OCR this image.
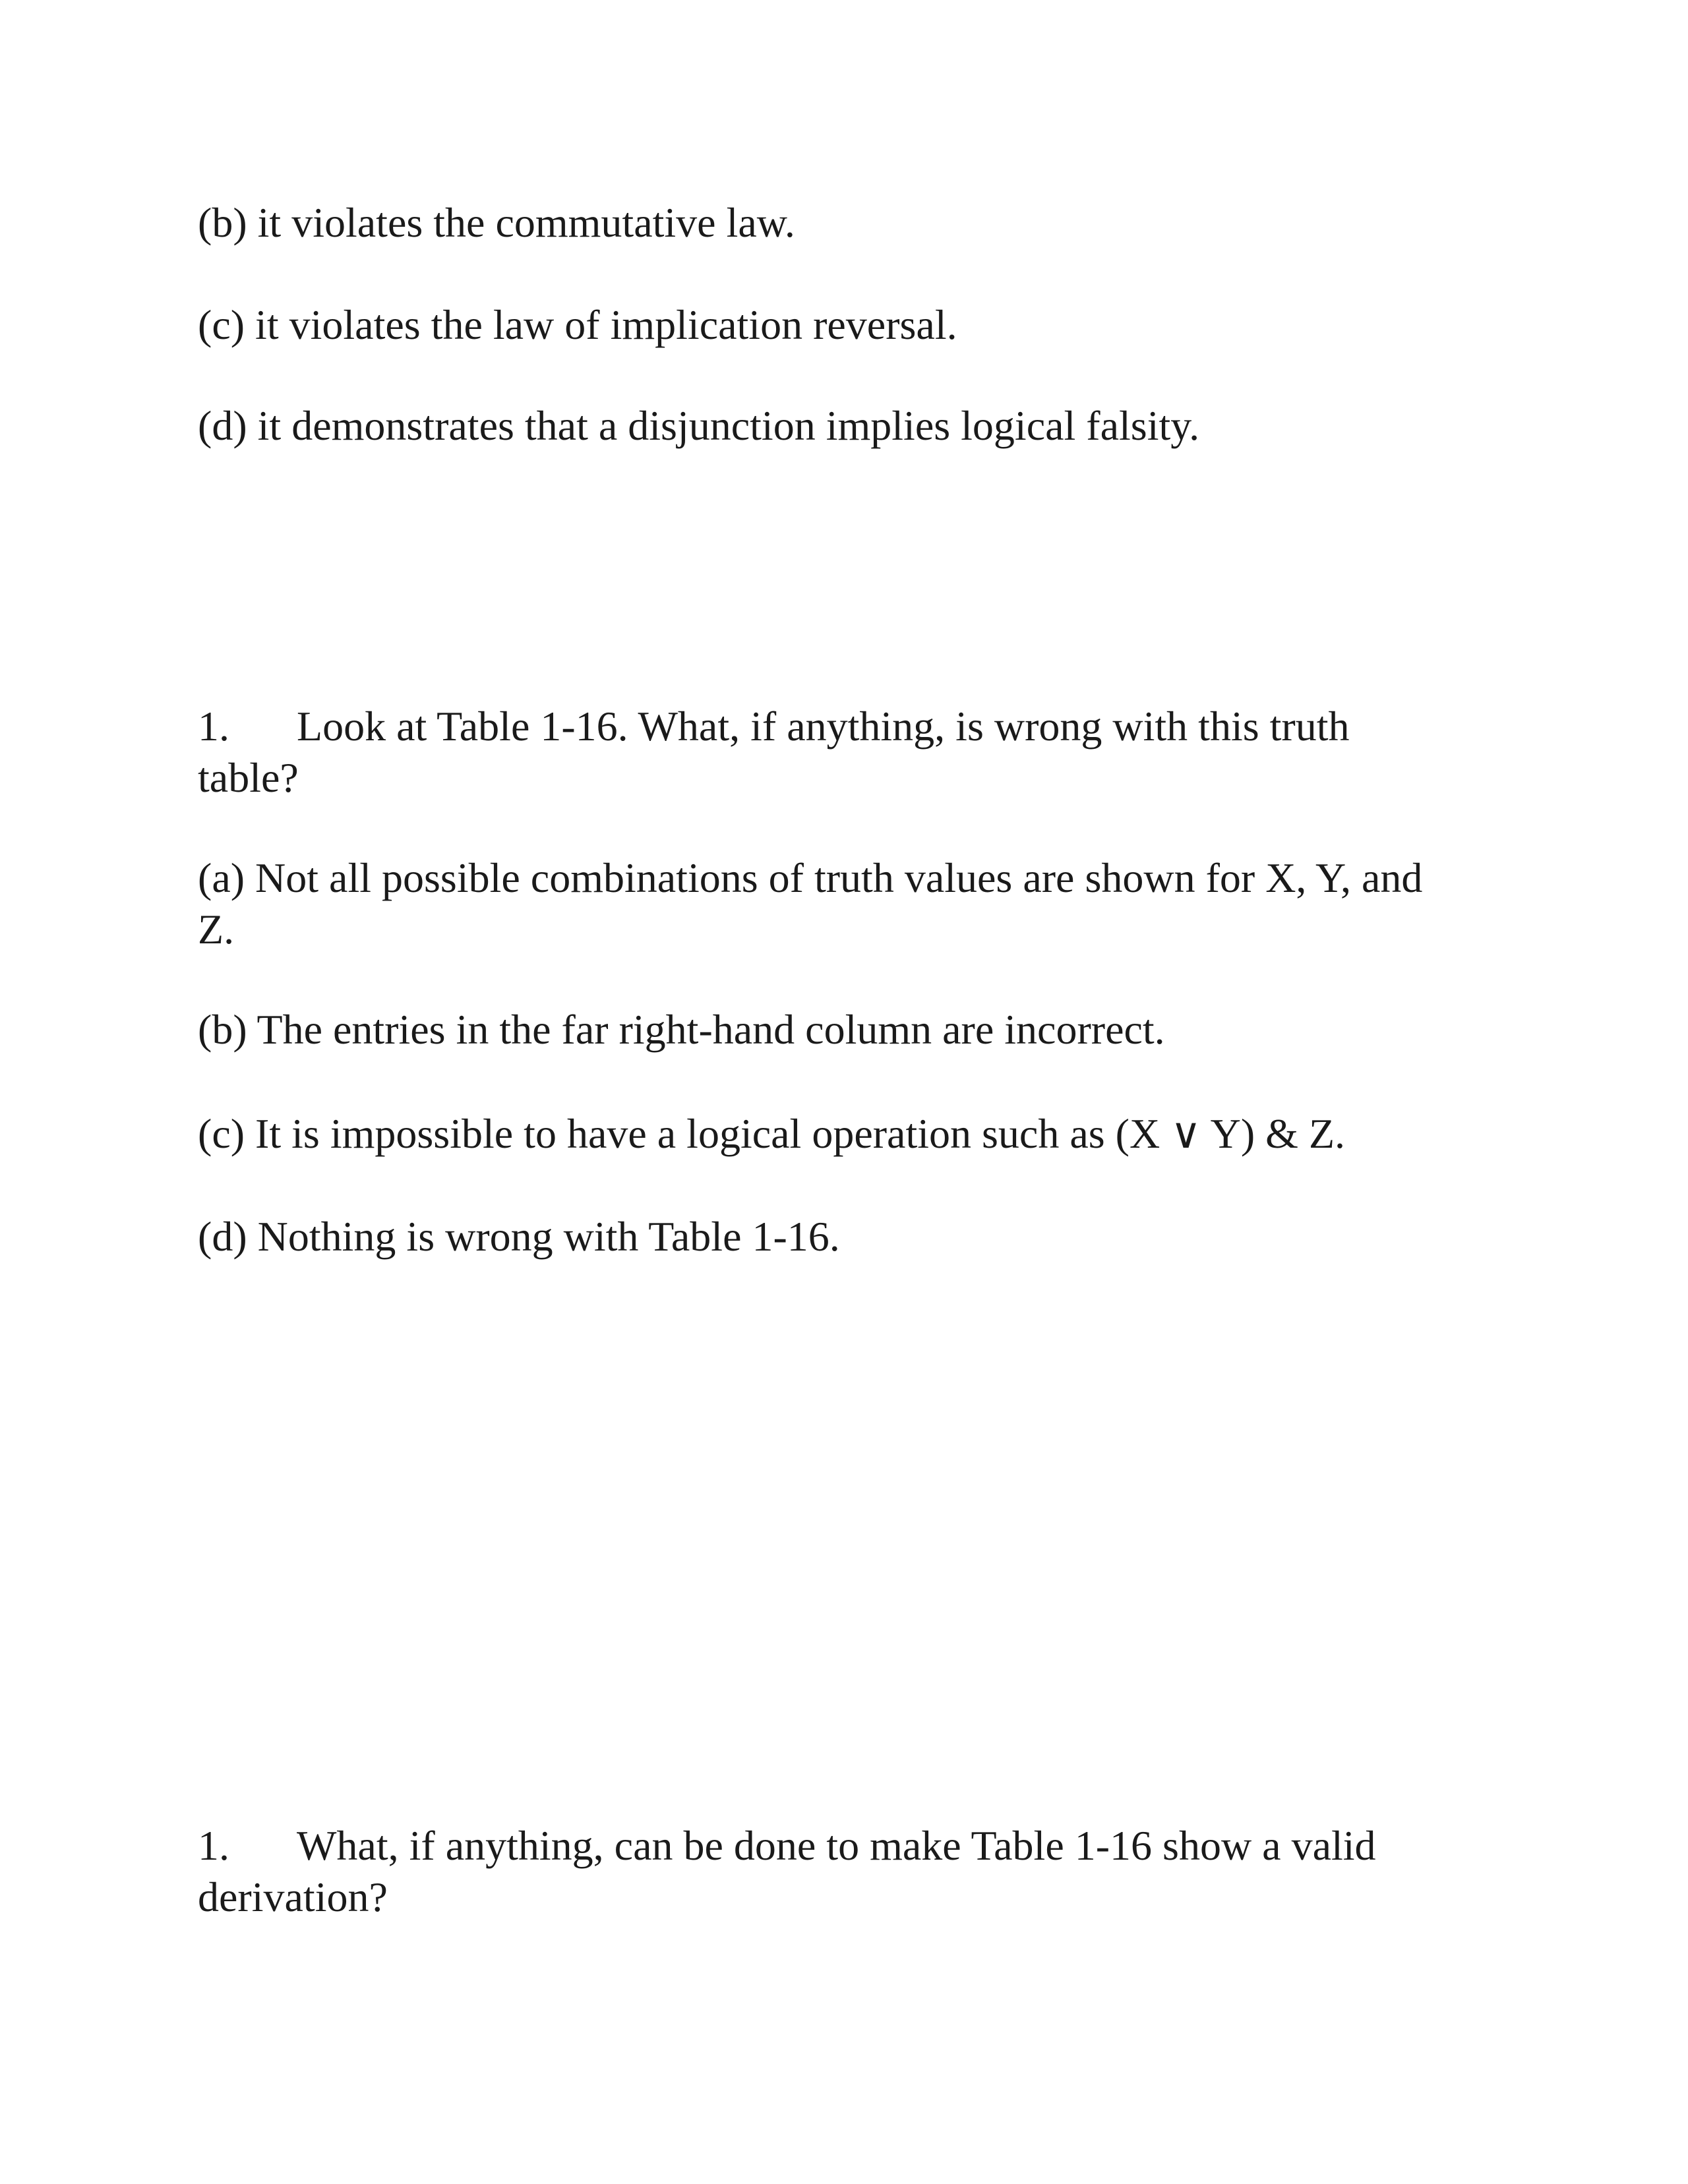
(b) it violates the commutative law.
(c) it violates the law of implication reversal.
(d) it demonstrates that a disjunction implies logical falsity.
1. Look at Table 1-16. What, if anything, is wrong with this truth
table?
(a) Not all possible combinations of truth values are shown for X, Y, and
Z.
(b) The entries in the far right-hand column are incorrect.
(c) It is impossible to have a logical operation such as (X ∨ Y) & Z.
(d) Nothing is wrong with Table 1-16.
1. What, if anything, can be done to make Table 1-16 show a valid
derivation?
